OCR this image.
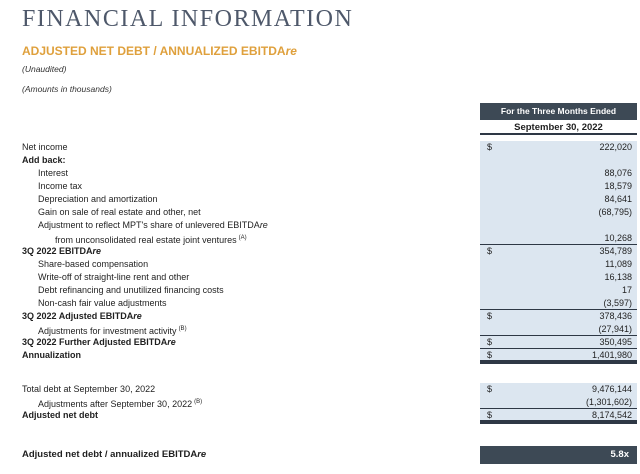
FINANCIAL INFORMATION
ADJUSTED NET DEBT / ANNUALIZED EBITDAre

(Unaudited)

(Amounts in thousands)

For the Three Months Ended
September 30, 2022
Net income	$	222,020
Add back:
Interest	88,076
Income tax	18,579
Depreciation and amortization	84,641
Gain on sale of real estate and other, net	(68,795)
Adjustment to reflect MPT's share of unlevered EBITDAre
from unconsolidated real estate joint ventures $^{(A)}$	10,268
3Q 2022 EBITDAre	$	354,789
Share-based compensation	11,089
Write-off of straight-line rent and other	16,138
Debt refinancing and unutilized financing costs	17
Non-cash fair value adjustments	(3,597)
3Q 2022 Adjusted EBITDAre	$	378,436
Adjustments for investment activity $^{(B)}$	(27,941)
3Q 2022 Further Adjusted EBITDAre	$	350,495
Annualization	$	1,401,980
Total debt at September 30, 2022	$	9,476,144
Adjustments after September 30, 2022 $^{(B)}$	(1,301,602)
Adjusted net debt	$	8,174,542
Adjusted net debt / annualized EBITDAre	5.8x
